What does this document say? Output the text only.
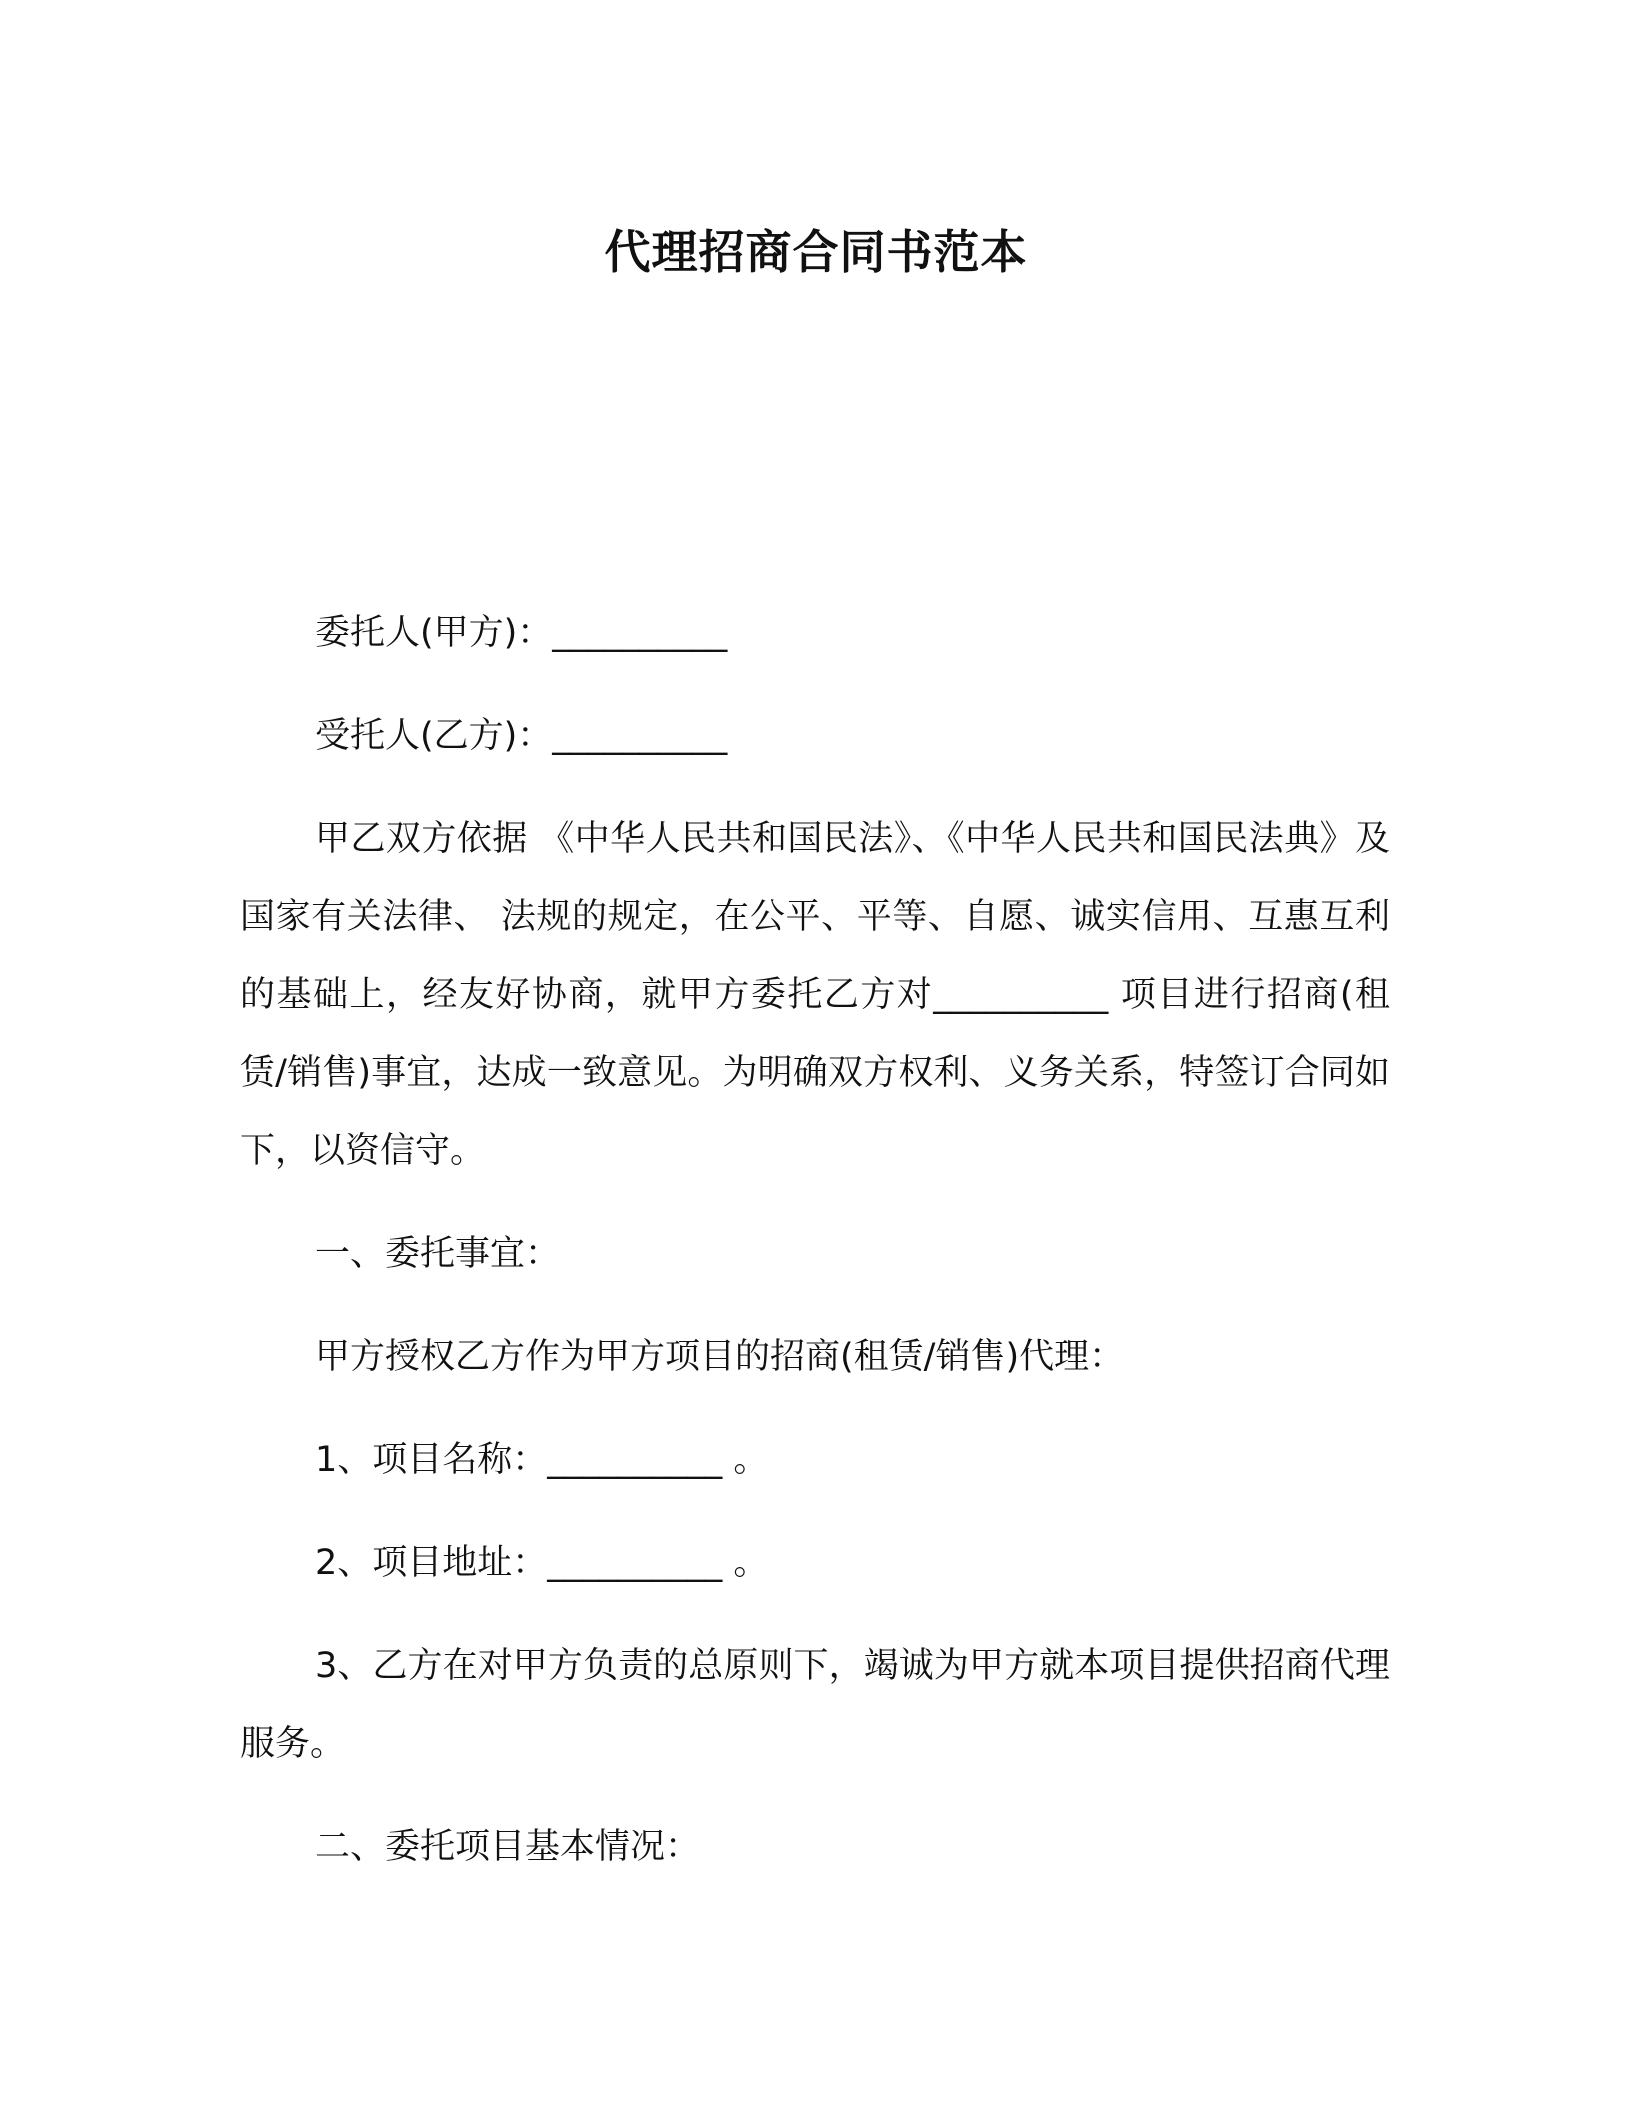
代理招商合同书范本

委托人(甲方)：__________

受托人(乙方)：__________

甲乙双方依据 《中华人民共和国民法》、《中华人民共和国民法典》及国家有关法律、 法规的规定，在公平、平等、自愿、诚实信用、互惠互利的基础上，经友好协商，就甲方委托乙方对__________ 项目进行招商(租赁/销售)事宜，达成一致意见。为明确双方权利、义务关系，特签订合同如下，以资信守。

一、委托事宜：

甲方授权乙方作为甲方项目的招商(租赁/销售)代理：

1、项目名称：__________ 。

2、项目地址：__________ 。

3、乙方在对甲方负责的总原则下，竭诚为甲方就本项目提供招商代理服务。

二、委托项目基本情况：
